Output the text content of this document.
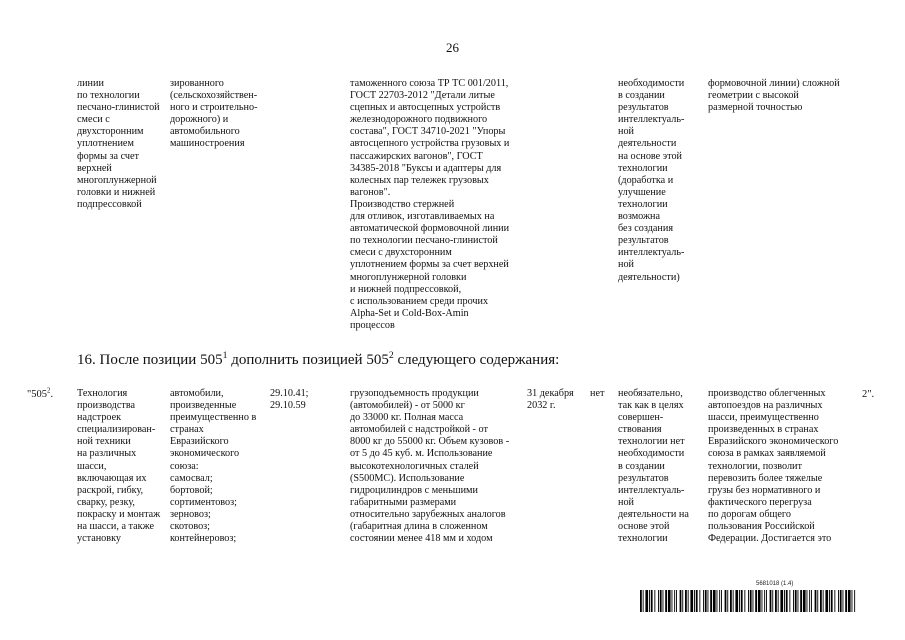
26
линии
по технологии
песчано-глинистой
смеси с
двухсторонним
уплотнением
формы за счет
верхней
многоплунжерной
головки и нижней
подпрессовкой
зированного
(сельскохозяйствен-
ного и строительно-
дорожного) и
автомобильного
машиностроения
таможенного союза ТР ТС 001/2011,
ГОСТ 22703-2012 "Детали литые
сцепных и автосцепных устройств
железнодорожного подвижного
состава", ГОСТ 34710-2021 "Упоры
автосцепного устройства грузовых и
пассажирских вагонов", ГОСТ
34385-2018 "Буксы и адаптеры для
колесных пар тележек грузовых
вагонов".
Производство стержней
для отливок, изготавливаемых на
автоматической формовочной линии
по технологии песчано-глинистой
смеси с двухсторонним
уплотнением формы за счет верхней
многоплунжерной головки
и нижней подпрессовкой,
с использованием среди прочих
Alpha-Set и Cold-Box-Amin
процессов
необходимости
в создании
результатов
интеллектуаль-
ной
деятельности
на основе этой
технологии
(доработка и
улучшение
технологии
возможна
без создания
результатов
интеллектуаль-
ной
деятельности)
формовочной линии) сложной
геометрии с высокой
размерной точностью
16. После позиции $505^1$ дополнить позицией $505^2$ следующего содержания:
"$505^2$. Технология
производства
надстроек
специализирован-
ной техники
на различных
шасси,
включающая их
раскрой, гибку,
сварку, резку,
покраску и монтаж
на шасси, а также
установку
автомобили,
произведенные
преимущественно в
странах
Евразийского
экономического
союза:
самосвал;
бортовой;
сортиментовоз;
зерновоз;
скотовоз;
контейнеровоз;
29.10.41;
29.10.59
грузоподъемность продукции
(автомобилей) - от 5000 кг
до 33000 кг. Полная масса
автомобилей с надстройкой - от
8000 кг до 55000 кг. Объем кузовов -
от 5 до 45 куб. м. Использование
высокотехнологичных сталей
(S500MC). Использование
гидроцилиндров с меньшими
габаритными размерами
относительно зарубежных аналогов
(габаритная длина в сложенном
состоянии менее 418 мм и ходом
31 декабря
2032 г.
нет	необязательно,
так как в целях
совершен-
ствования
технологии нет
необходимости
в создании
результатов
интеллектуаль-
ной
деятельности на
основе этой
технологии
производство облегченных
автопоездов на различных
шасси, преимущественно
произведенных в странах
Евразийского экономического
союза в рамках заявляемой
технологии, позволит
перевозить более тяжелые
грузы без нормативного и
фактического перегруза
по дорогам общего
пользования Российской
Федерации. Достигается это
2".
5681018 (1.4)
